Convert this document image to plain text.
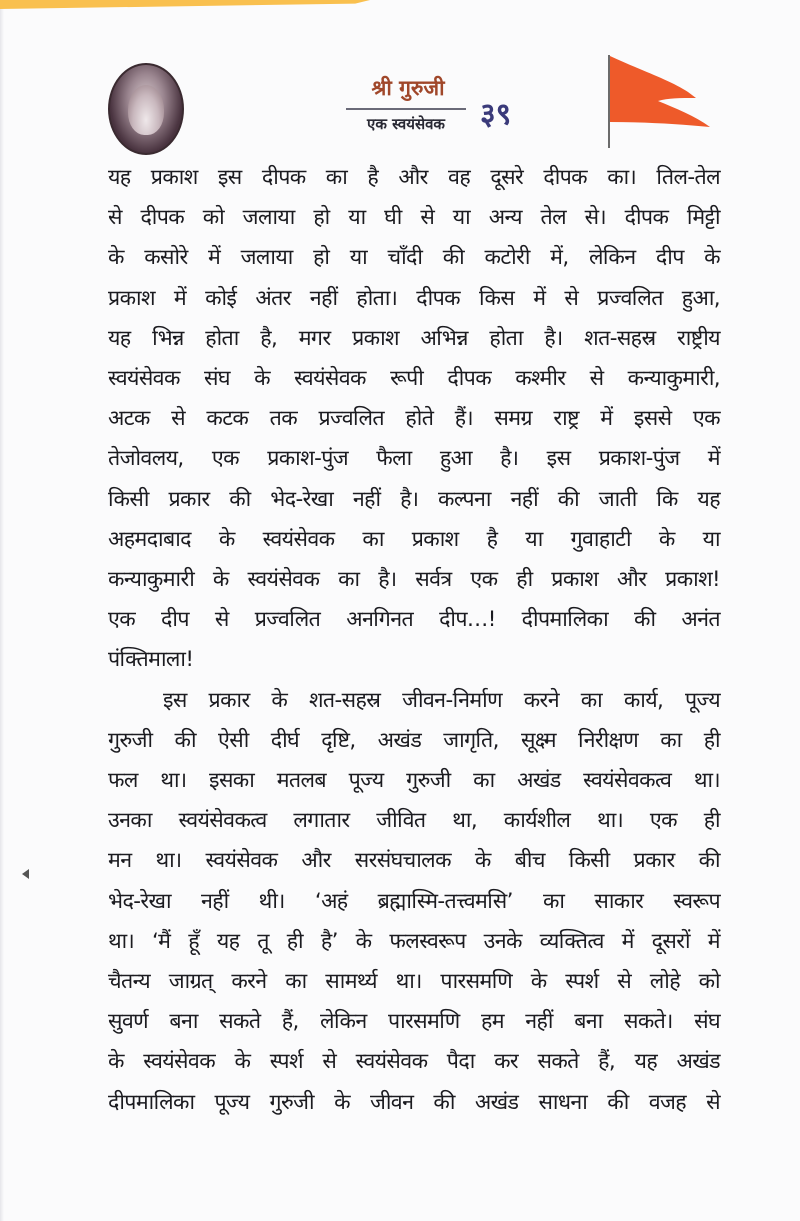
श्री गुरुजी
एक स्वयंसेवक	३९
यह प्रकाश इस दीपक का है और वह दूसरे दीपक का। तिल-तेल
से दीपक को जलाया हो या घी से या अन्य तेल से। दीपक मिट्टी
के कसोरे में जलाया हो या चाँदी की कटोरी में, लेकिन दीप के
प्रकाश में कोई अंतर नहीं होता। दीपक किस में से प्रज्वलित हुआ,
यह भिन्न होता है, मगर प्रकाश अभिन्न होता है। शत-सहस्र राष्ट्रीय
स्वयंसेवक संघ के स्वयंसेवक रूपी दीपक कश्मीर से कन्याकुमारी,
अटक से कटक तक प्रज्वलित होते हैं। समग्र राष्ट्र में इससे एक
तेजोवलय, एक प्रकाश-पुंज फैला हुआ है। इस प्रकाश-पुंज में
किसी प्रकार की भेद-रेखा नहीं है। कल्पना नहीं की जाती कि यह
अहमदाबाद के स्वयंसेवक का प्रकाश है या गुवाहाटी के या
कन्याकुमारी के स्वयंसेवक का है। सर्वत्र एक ही प्रकाश और प्रकाश!
एक दीप से प्रज्वलित अनगिनत दीप…! दीपमालिका की अनंत
पंक्तिमाला!
इस प्रकार के शत-सहस्र जीवन-निर्माण करने का कार्य, पूज्य
गुरुजी की ऐसी दीर्घ दृष्टि, अखंड जागृति, सूक्ष्म निरीक्षण का ही
फल था। इसका मतलब पूज्य गुरुजी का अखंड स्वयंसेवकत्व था।
उनका स्वयंसेवकत्व लगातार जीवित था, कार्यशील था। एक ही
मन था। स्वयंसेवक और सरसंघचालक के बीच किसी प्रकार की
भेद-रेखा नहीं थी। ‘अहं ब्रह्मास्मि-तत्त्वमसि’ का साकार स्वरूप
था। ‘मैं हूँ यह तू ही है’ के फलस्वरूप उनके व्यक्तित्व में दूसरों में
चैतन्य जाग्रत् करने का सामर्थ्य था। पारसमणि के स्पर्श से लोहे को
सुवर्ण बना सकते हैं, लेकिन पारसमणि हम नहीं बना सकते। संघ
के स्वयंसेवक के स्पर्श से स्वयंसेवक पैदा कर सकते हैं, यह अखंड
दीपमालिका पूज्य गुरुजी के जीवन की अखंड साधना की वजह से
